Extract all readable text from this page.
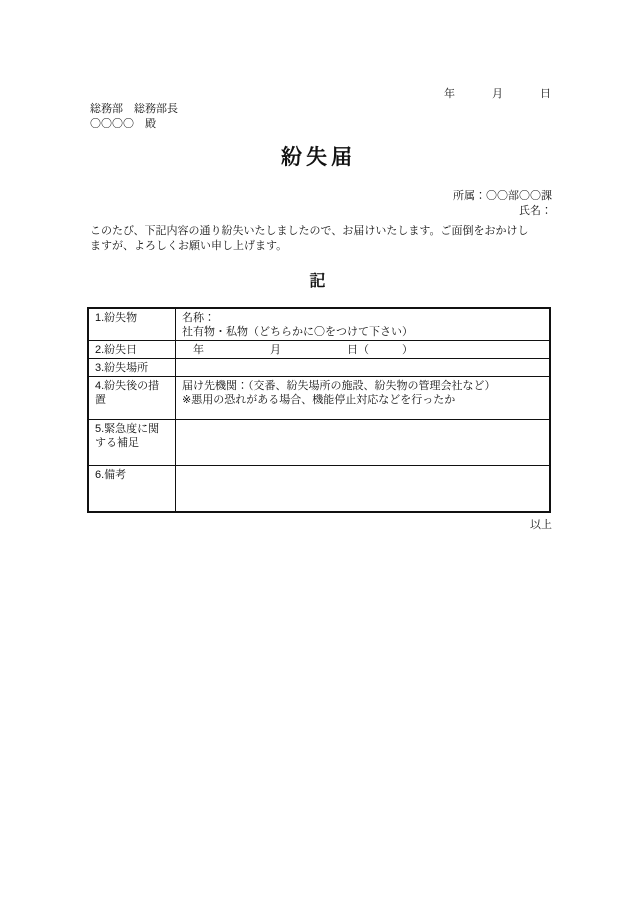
年　　　月　　　日
総務部　総務部長
〇〇〇〇　殿
紛失届
所属：〇〇部〇〇課
氏名：

このたび、下記内容の通り紛失いたしましたので、お届けいたします。ご面倒をおかけし
ますが、よろしくお願い申し上げます。

記
1.紛失物	名称：
社有物・私物（どちらかに〇をつけて下さい）

2.紛失日	　年　　　　　　月　　　　　　日（　　　）

3.紛失場所	
4.紛失後の措置	届け先機関：（交番、紛失場所の施設、紛失物の管理会社など）
※悪用の恐れがある場合、機能停止対応などを行ったか

5.緊急度に関する補足	
6.備考	
以上
